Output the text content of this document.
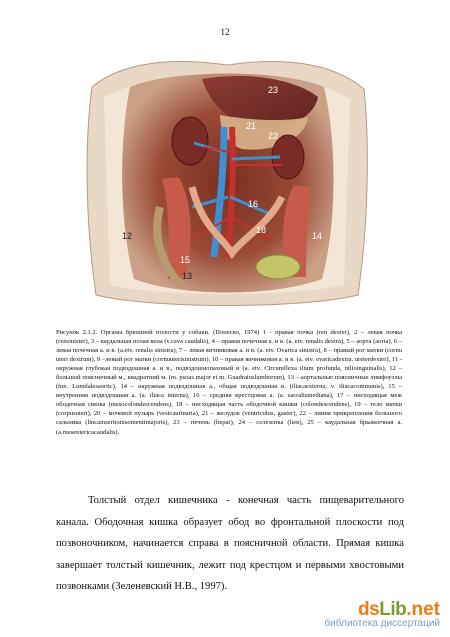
12
23
21
22
16
12
15
18
13
14

Рисунок 2.1.2. Органы брюшной полости у собаки. (Попеско, 1974) 1 - правая почка (ren dexter), 2 – левая почка (rensinister), 3 – каудальная полая вена (v.cava caudalis), 4 – правая почечная а. и в. (а. etv. renalis dextra), 5 – аорта (aorta), 6 – левая почечная а. и в. (a.etv. renalis sinistra), 7 – левая яичниковая а. и в. (a. etv. Ovarica sinistra), 8 – правый рог матки (cornu uteri dextrum), 9 –левый рог матки (cornuuterisinistrum), 10 – правая яичниковая а. и в. (a. etv. ovaricadextra. ureterdexter), 11 - окружная глубокая подвздошная а. и в., подвздошнопаховый н (a. etv. Circumflexa ilium profunda, nilioinguinalis), 12 – большой поясничный м., квадратний м. (m. psoas major et m. Guadratuslumborum), 13 – аортальные поясничные лимфоузлы (lnn. Lumdalesaortic), 14 – наружная подвздошная а., общая подвздошная в. (iliacaexterna, v. iliacacommunis), 15 – внутренняя подвздошная а. (a. iliaca interna), 16 – средняя крестцовая а. (a. sacralismediana), 17 – нисходящая меж ободочная связка (mesocolondescendens), 18 – нисходящая часть ободочной кишки (colondescendens), 19 – тело матки (corpusuteri), 20 – мочевой пузырь (vesicaurinaria), 21 – желудок (ventriculus, gaster), 22 – линия прикрепления большого сальника (lincainsertionisomentimajoris), 23 – печень (hepar), 24 – селезенка (lien), 25 – каудальная брыжеечная а. (a.mesentericacaudalis).

Толстый отдел кишечника - конечная часть пищеварительного канала. Ободочная кишка образует обод во фронтальной плоскости под позвоночником, начинается справа в поясничной области. Прямая кишка завершает толстый кишечник, лежит под крестцом и первыми хвостовыми позвонками (Зеленевский Н.В., 1997).

ds Lib .net
библиотека диссертаций
